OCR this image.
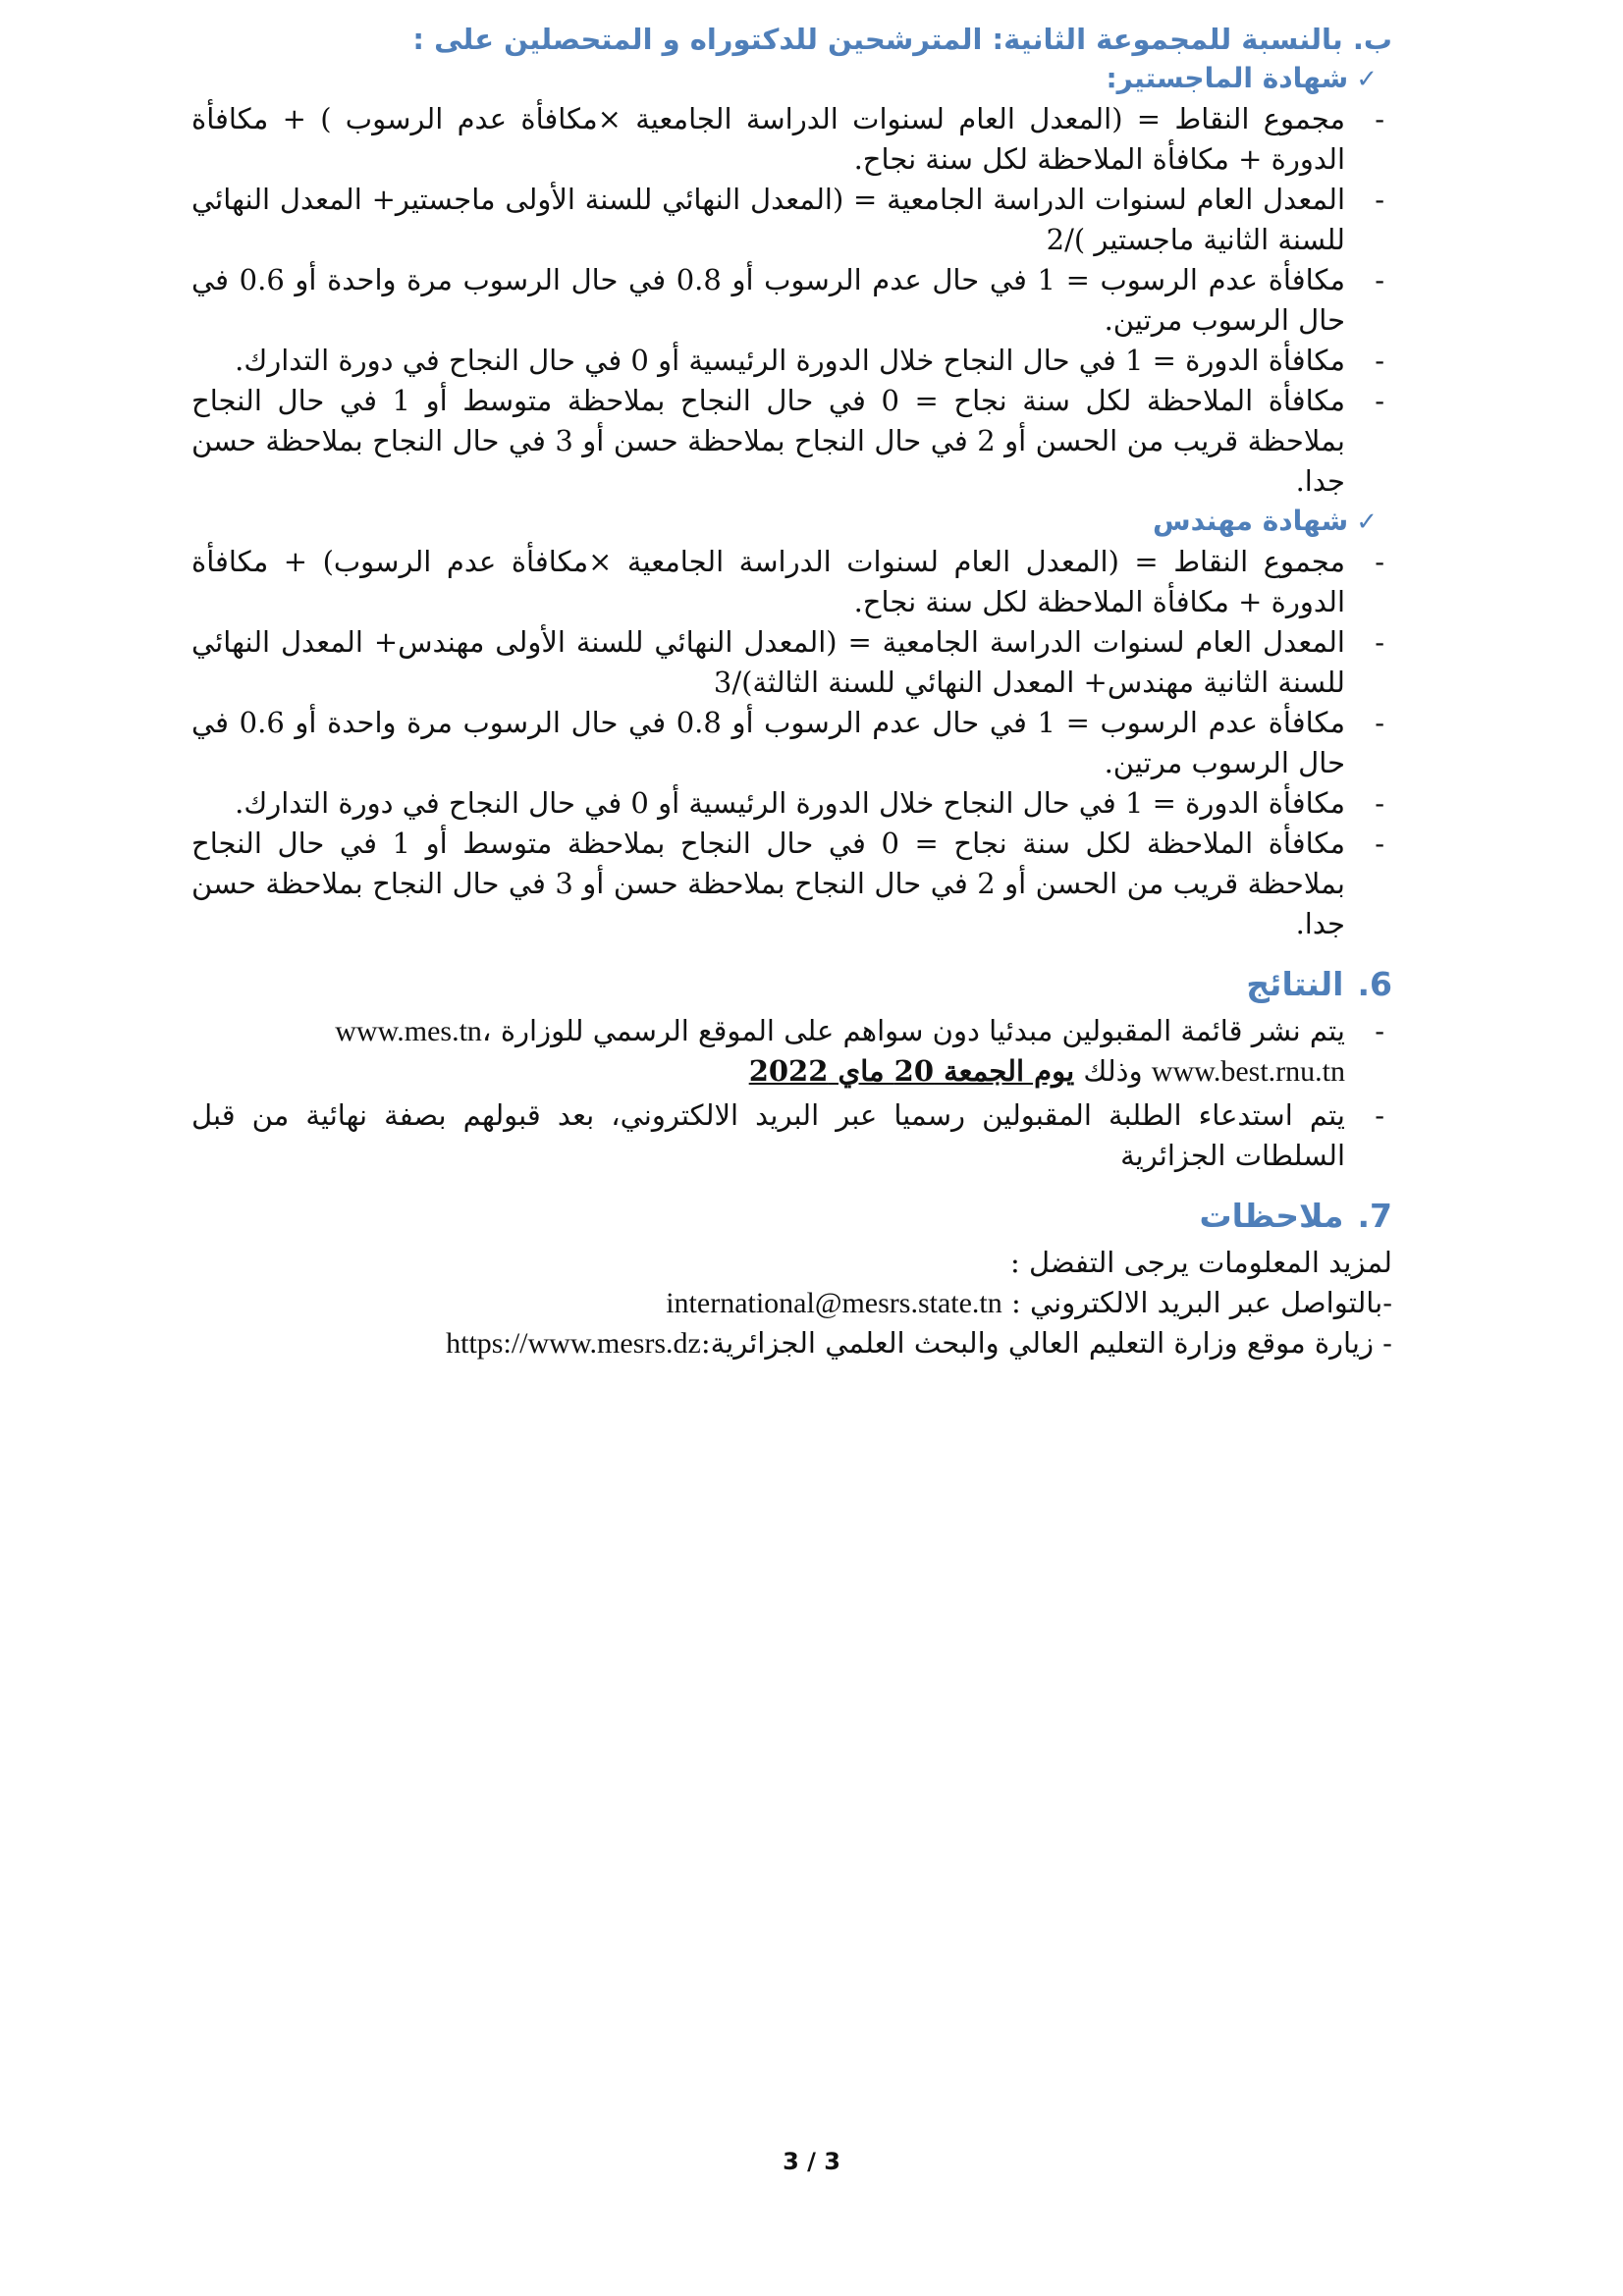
ب. بالنسبة للمجموعة الثانية: المترشحين للدكتوراه و المتحصلين على :
✓شهادة الماجستير:
-
مجموع النقاط = (المعدل العام لسنوات الدراسة الجامعية ×مكافأة عدم الرسوب ) + مكافأة الدورة + مكافأة الملاحظة لكل سنة نجاح.
-
المعدل العام لسنوات الدراسة الجامعية = (المعدل النهائي للسنة الأولى ماجستير+ المعدل النهائي للسنة الثانية ماجستير )/2
-
مكافأة عدم الرسوب = 1 في حال عدم الرسوب أو 0.8 في حال الرسوب مرة واحدة أو 0.6 في حال الرسوب مرتين.
-
مكافأة الدورة = 1 في حال النجاح خلال الدورة الرئيسية أو 0 في حال النجاح في دورة التدارك.
-
مكافأة الملاحظة لكل سنة نجاح = 0 في حال النجاح بملاحظة متوسط أو 1 في حال النجاح بملاحظة قريب من الحسن أو 2 في حال النجاح بملاحظة حسن أو 3 في حال النجاح بملاحظة حسن جدا.
✓شهادة مهندس
-
مجموع النقاط = (المعدل العام لسنوات الدراسة الجامعية ×مكافأة عدم الرسوب) + مكافأة الدورة + مكافأة الملاحظة لكل سنة نجاح.
-
المعدل العام لسنوات الدراسة الجامعية = (المعدل النهائي للسنة الأولى مهندس+ المعدل النهائي للسنة الثانية مهندس+ المعدل النهائي للسنة الثالثة)/3
-
مكافأة عدم الرسوب = 1 في حال عدم الرسوب أو 0.8 في حال الرسوب مرة واحدة أو 0.6 في حال الرسوب مرتين.
-
مكافأة الدورة = 1 في حال النجاح خلال الدورة الرئيسية أو 0 في حال النجاح في دورة التدارك.
-
مكافأة الملاحظة لكل سنة نجاح = 0 في حال النجاح بملاحظة متوسط أو 1 في حال النجاح بملاحظة قريب من الحسن أو 2 في حال النجاح بملاحظة حسن أو 3 في حال النجاح بملاحظة حسن جدا.
6.النتائج
-
يتم نشر قائمة المقبولين مبدئيا دون سواهم على الموقع الرسمي للوزارة www.mes.tn،
www.best.rnu.tn وذلك يوم الجمعة 20 ماي 2022
-
يتم استدعاء الطلبة المقبولين رسميا عبر البريد الالكتروني، بعد قبولهم بصفة نهائية من قبل السلطات الجزائرية
7.ملاحظات

لمزيد المعلومات يرجى التفضل :

-بالتواصل عبر البريد الالكتروني : international@mesrs.state.tn

- زيارة موقع وزارة التعليم العالي والبحث العلمي الجزائرية:https://www.mesrs.dz

3 / 3
